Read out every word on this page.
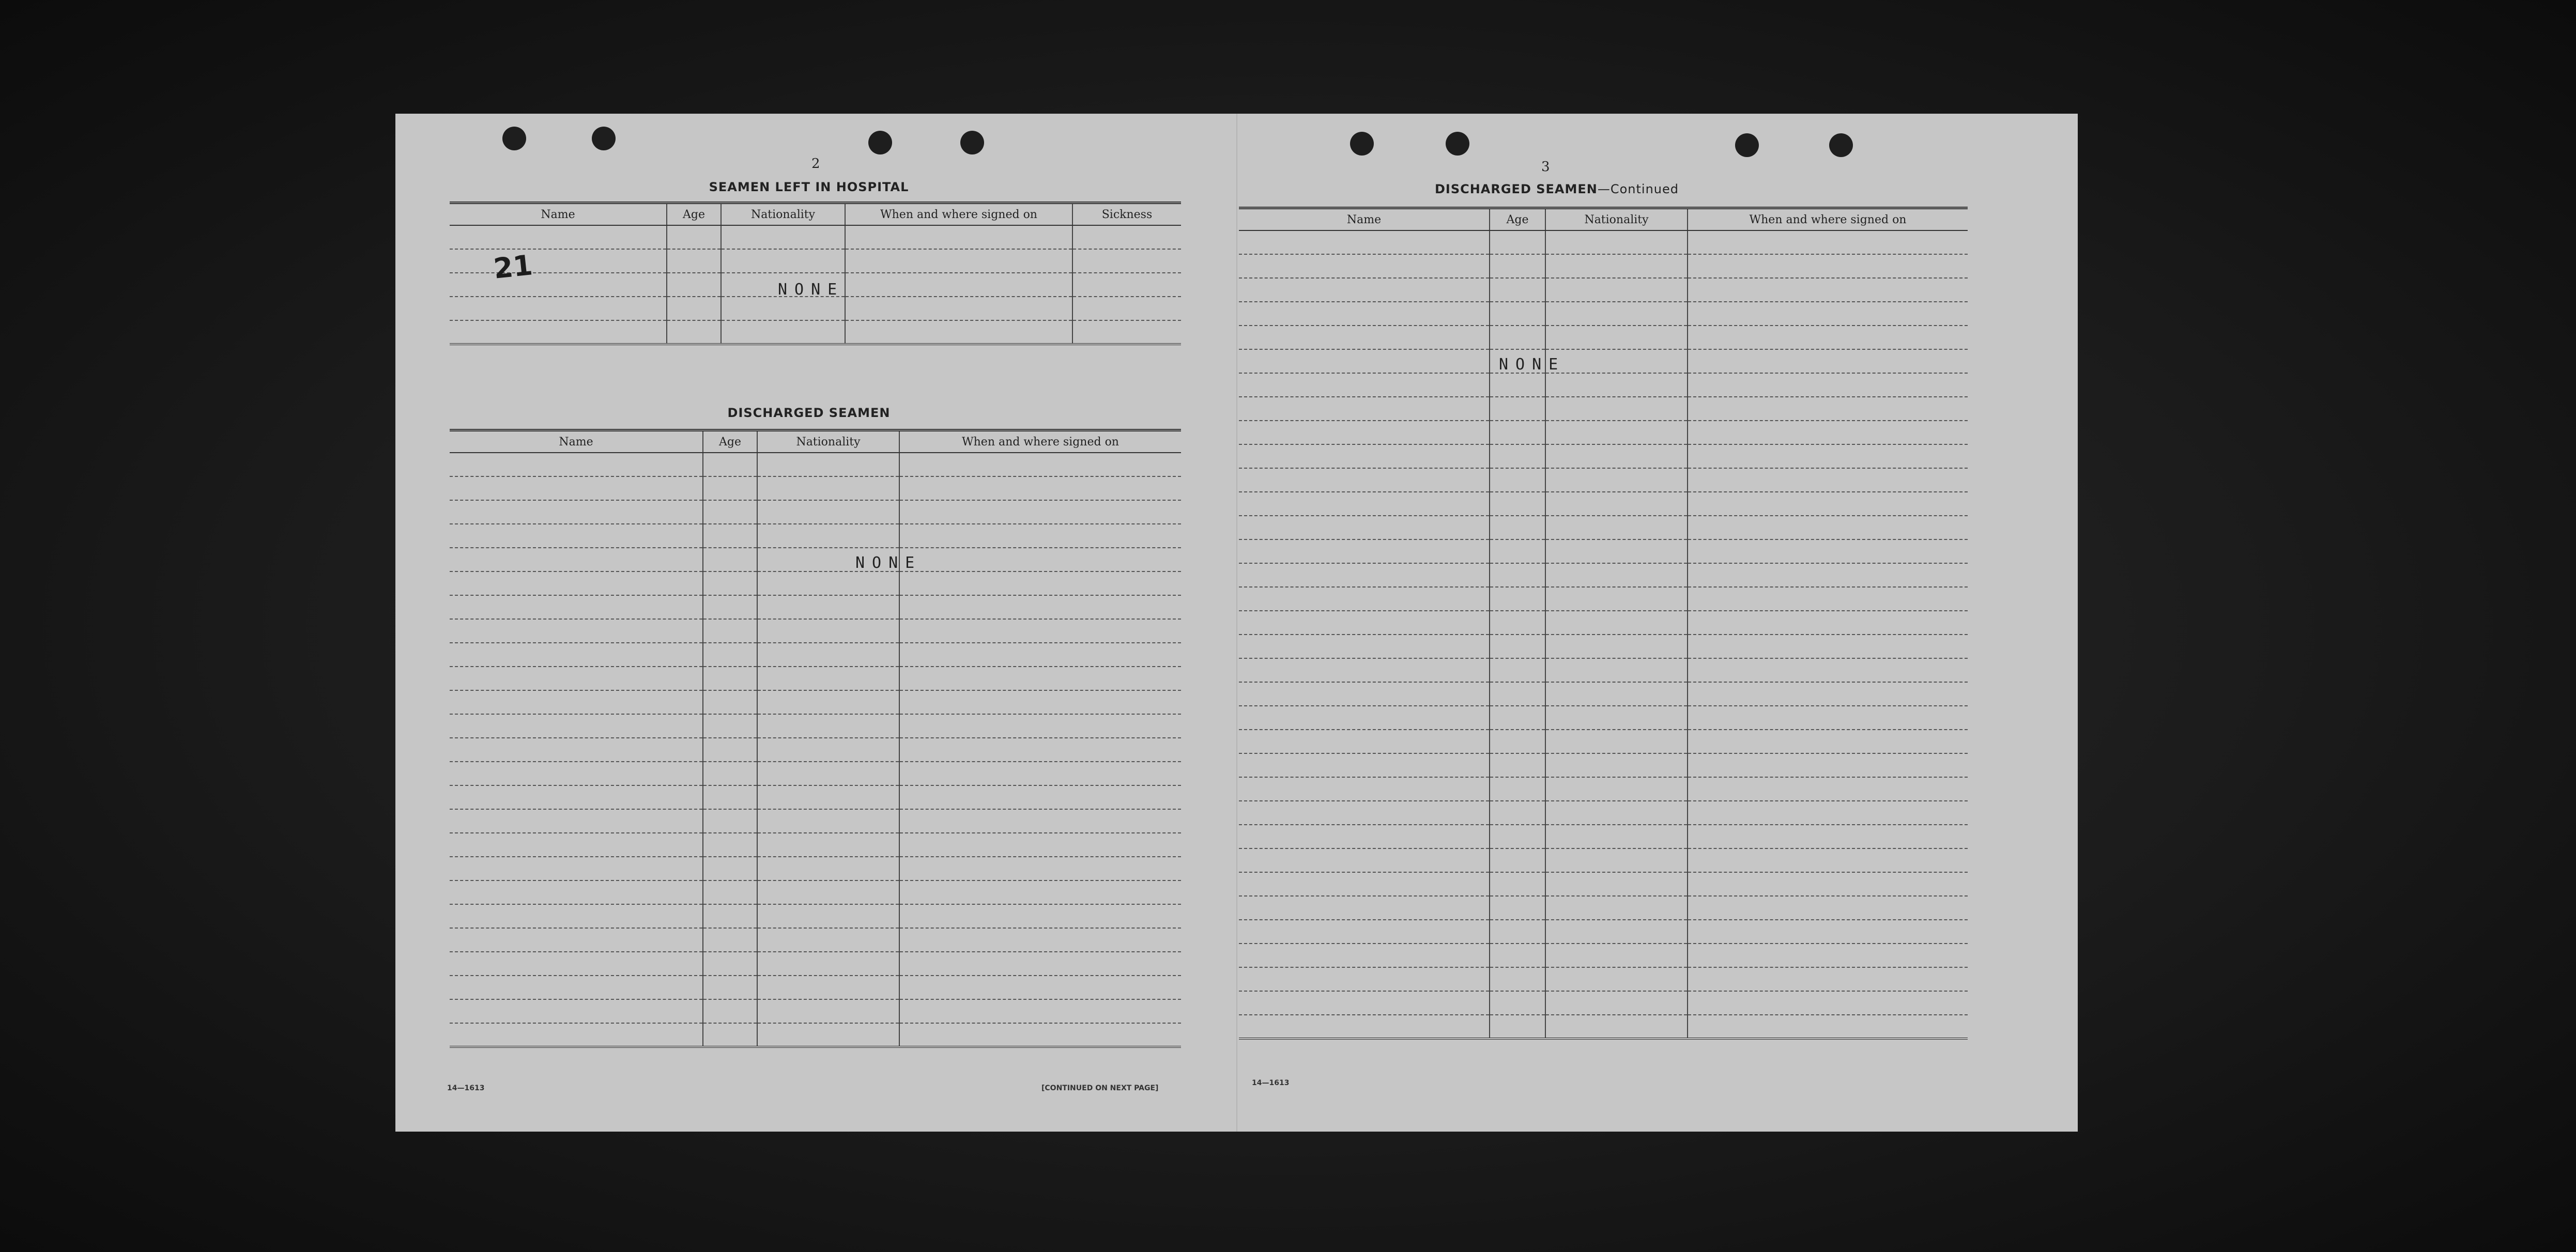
2
SEAMEN LEFT IN HOSPITAL
Name	Age	Nationality	When and where signed on	Sickness

21
NONE
DISCHARGED SEAMEN
Name	Age	Nationality	When and where signed on

NONE
14—1613	[CONTINUED ON NEXT PAGE]
3
DISCHARGED SEAMEN—Continued
Name	Age	Nationality	When and where signed on

NONE
14—1613
